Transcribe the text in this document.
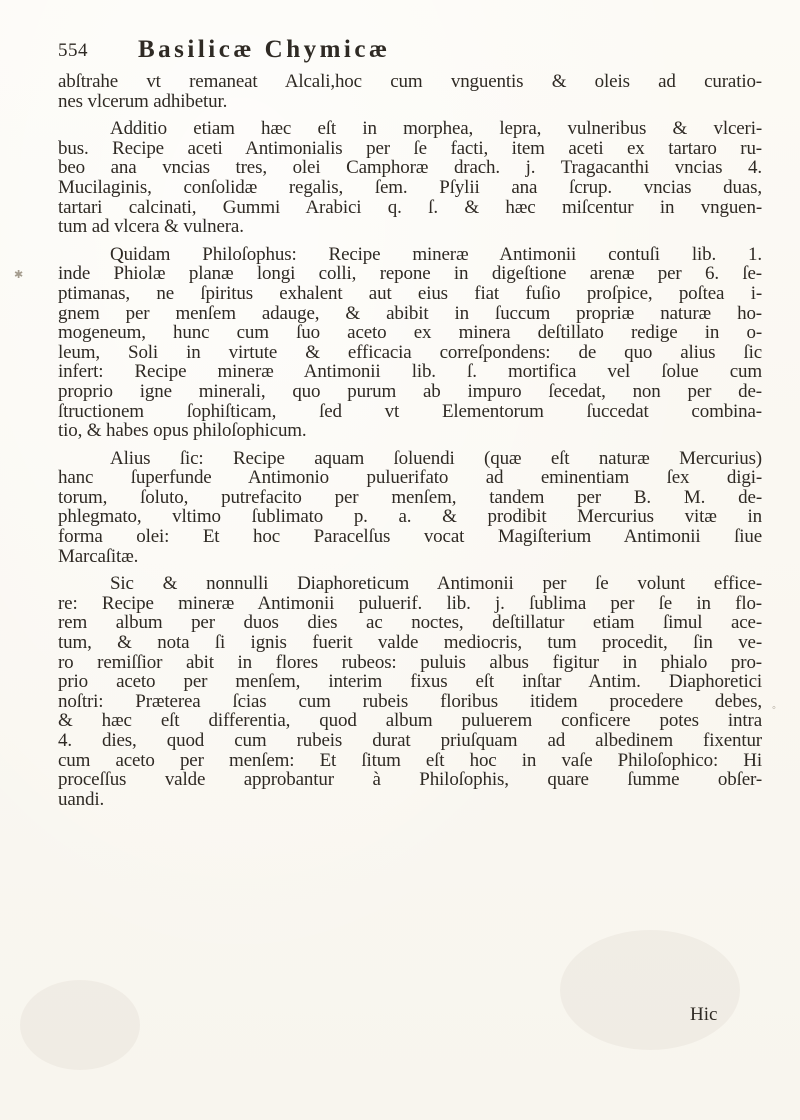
554 Basilicæ Chymicæ
abſtrahe vt remaneat Alcali,hoc cum vnguentis & oleis ad curatio-
nes vlcerum adhibetur.
Additio etiam hæc eſt in morphea, lepra, vulneribus & vlceri-
bus. Recipe aceti Antimonialis per ſe facti, item aceti ex tartaro ru-
beo ana vncias tres, olei Camphoræ drach. j. Tragacanthi vncias 4.
Mucilaginis, conſolidæ regalis, ſem. Pſylii ana ſcrup. vncias duas,
tartari calcinati, Gummi Arabici q. ſ. & hæc miſcentur in vnguen-
tum ad vlcera & vulnera.
Quidam Philoſophus: Recipe mineræ Antimonii contuſi lib. 1.
inde Phiolæ planæ longi colli, repone in digeſtione arenæ per 6. ſe-
ptimanas, ne ſpiritus exhalent aut eius fiat fuſio proſpice, poſtea i-
gnem per menſem adauge, & abibit in ſuccum propriæ naturæ ho-
mogeneum, hunc cum ſuo aceto ex minera deſtillato redige in o-
leum, Soli in virtute & efficacia correſpondens: de quo alius ſic
infert: Recipe mineræ Antimonii lib. ſ. mortifica vel ſolue cum
proprio igne minerali, quo purum ab impuro ſecedat, non per de-
ſtructionem ſophiſticam, ſed vt Elementorum ſuccedat combina-
tio, & habes opus philoſophicum.
Alius ſic: Recipe aquam ſoluendi (quæ eſt naturæ Mercurius)
hanc ſuperfunde Antimonio puluerifato ad eminentiam ſex digi-
torum, ſoluto, putrefacito per menſem, tandem per B. M. de-
phlegmato, vltimo ſublimato p. a. & prodibit Mercurius vitæ in
forma olei: Et hoc Paracelſus vocat Magiſterium Antimonii ſiue
Marcaſitæ.
Sic & nonnulli Diaphoreticum Antimonii per ſe volunt effice-
re: Recipe mineræ Antimonii puluerif. lib. j. ſublima per ſe in flo-
rem album per duos dies ac noctes, deſtillatur etiam ſimul ace-
tum, & nota ſi ignis fuerit valde mediocris, tum procedit, ſin ve-
ro remiſſior abit in flores rubeos: puluis albus figitur in phialo pro-
prio aceto per menſem, interim fixus eſt inſtar Antim. Diaphoretici
noſtri: Præterea ſcias cum rubeis floribus itidem procedere debes,
& hæc eſt differentia, quod album puluerem conficere potes intra
4. dies, quod cum rubeis durat priuſquam ad albedinem fixentur
cum aceto per menſem: Et ſitum eſt hoc in vaſe Philoſophico: Hi
proceſſus valde approbantur à Philoſophis, quare ſumme obſer-
uandi.
Hic
✱
◦
